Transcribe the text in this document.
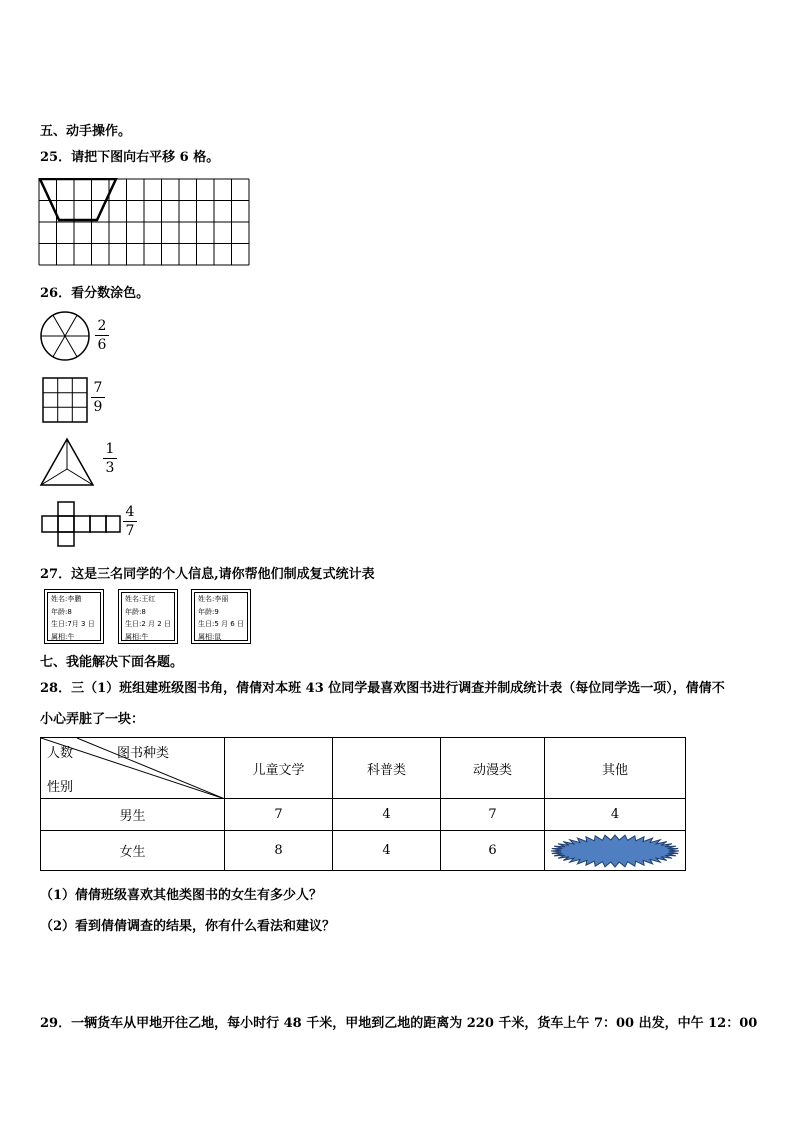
五、动手操作。
25．请把下图向右平移 6 格。
26．看分数涂色。
2
6
7
9
1
3
4
7
27．这是三名同学的个人信息,请你帮他们制成复式统计表
姓名:李鹏
年龄:8
生日:7月 3 日
属相:牛
姓名:王红
年龄:8
生日:2 月 2 日
属相:牛
姓名:李丽
年龄:9
生日:5 月 6 日
属相:鼠
七、我能解决下面各题。
28．三（1）班组建班级图书角，倩倩对本班 43 位同学最喜欢图书进行调查并制成统计表（每位同学选一项），倩倩不
小心弄脏了一块：
人数 图书种类
性别	儿童文学	科普类	动漫类	其他
男生	7	4	7	4
女生	8	4	6	
（1）倩倩班级喜欢其他类图书的女生有多少人？
（2）看到倩倩调查的结果，你有什么看法和建议？
29．一辆货车从甲地开往乙地，每小时行 48 千米，甲地到乙地的距离为 220 千米，货车上午 7：00 出发，中午 12：00
